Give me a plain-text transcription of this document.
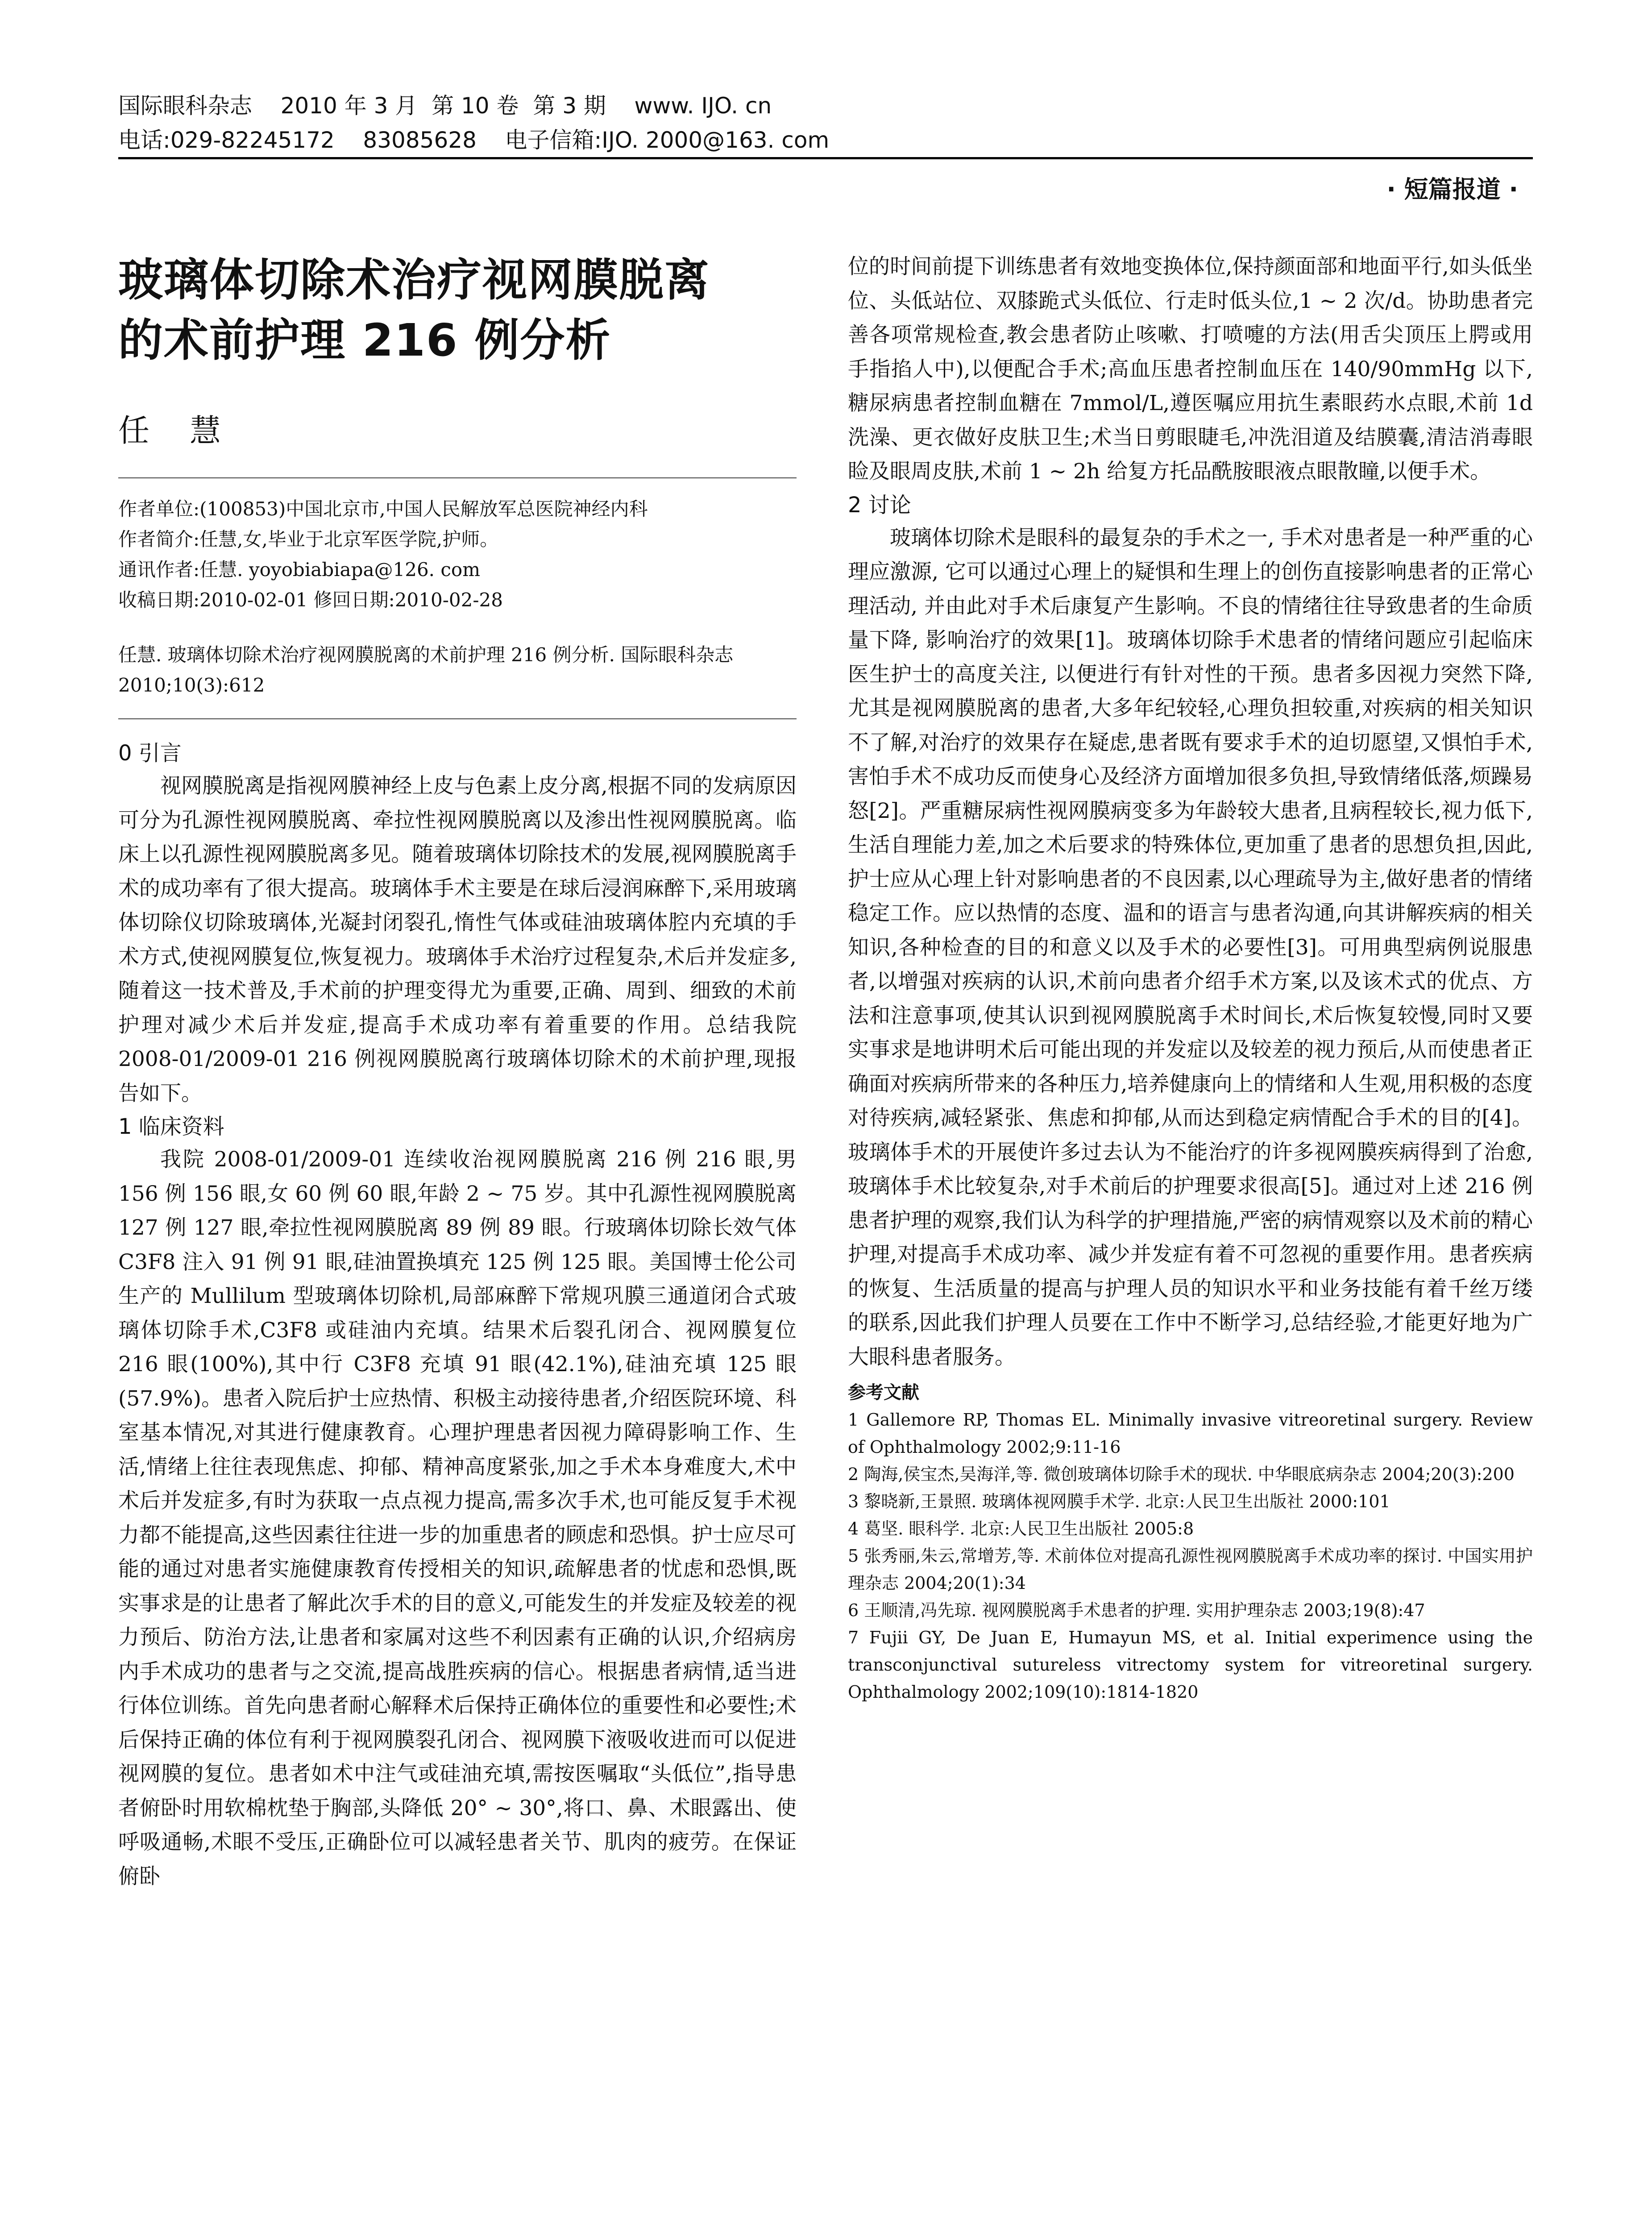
国际眼科杂志    2010 年 3 月  第 10 卷  第 3 期    www. IJO. cn
电话:029-82245172    83085628    电子信箱:IJO. 2000@163. com
· 短篇报道 ·
玻璃体切除术治疗视网膜脱离
的术前护理 216 例分析

任慧

作者单位:(100853)中国北京市,中国人民解放军总医院神经内科

作者简介:任慧,女,毕业于北京军医学院,护师。

通讯作者:任慧. yoyobiabiapa@126. com

收稿日期:2010-02-01 修回日期:2010-02-28

任慧. 玻璃体切除术治疗视网膜脱离的术前护理 216 例分析. 国际眼科杂志 2010;10(3):612

0 引言

视网膜脱离是指视网膜神经上皮与色素上皮分离,根据不同的发病原因可分为孔源性视网膜脱离、牵拉性视网膜脱离以及渗出性视网膜脱离。临床上以孔源性视网膜脱离多见。随着玻璃体切除技术的发展,视网膜脱离手术的成功率有了很大提高。玻璃体手术主要是在球后浸润麻醉下,采用玻璃体切除仪切除玻璃体,光凝封闭裂孔,惰性气体或硅油玻璃体腔内充填的手术方式,使视网膜复位,恢复视力。玻璃体手术治疗过程复杂,术后并发症多,随着这一技术普及,手术前的护理变得尤为重要,正确、周到、细致的术前护理对减少术后并发症,提高手术成功率有着重要的作用。总结我院 2008-01/2009-01 216 例视网膜脱离行玻璃体切除术的术前护理,现报告如下。

1 临床资料

我院 2008-01/2009-01 连续收治视网膜脱离 216 例 216 眼,男 156 例 156 眼,女 60 例 60 眼,年龄 2 ~ 75 岁。其中孔源性视网膜脱离 127 例 127 眼,牵拉性视网膜脱离 89 例 89 眼。行玻璃体切除长效气体 C3F8 注入 91 例 91 眼,硅油置换填充 125 例 125 眼。美国博士伦公司生产的 Mullilum 型玻璃体切除机,局部麻醉下常规巩膜三通道闭合式玻璃体切除手术,C3F8 或硅油内充填。结果术后裂孔闭合、视网膜复位 216 眼(100%),其中行 C3F8 充填 91 眼(42.1%),硅油充填 125 眼(57.9%)。患者入院后护士应热情、积极主动接待患者,介绍医院环境、科室基本情况,对其进行健康教育。心理护理患者因视力障碍影响工作、生活,情绪上往往表现焦虑、抑郁、精神高度紧张,加之手术本身难度大,术中术后并发症多,有时为获取一点点视力提高,需多次手术,也可能反复手术视力都不能提高,这些因素往往进一步的加重患者的顾虑和恐惧。护士应尽可能的通过对患者实施健康教育传授相关的知识,疏解患者的忧虑和恐惧,既实事求是的让患者了解此次手术的目的意义,可能发生的并发症及较差的视力预后、防治方法,让患者和家属对这些不利因素有正确的认识,介绍病房内手术成功的患者与之交流,提高战胜疾病的信心。根据患者病情,适当进行体位训练。首先向患者耐心解释术后保持正确体位的重要性和必要性;术后保持正确的体位有利于视网膜裂孔闭合、视网膜下液吸收进而可以促进视网膜的复位。患者如术中注气或硅油充填,需按医嘱取“头低位”,指导患者俯卧时用软棉枕垫于胸部,头降低 20° ~ 30°,将口、鼻、术眼露出、使呼吸通畅,术眼不受压,正确卧位可以减轻患者关节、肌肉的疲劳。在保证俯卧

位的时间前提下训练患者有效地变换体位,保持颜面部和地面平行,如头低坐位、头低站位、双膝跪式头低位、行走时低头位,1 ~ 2 次/d。协助患者完善各项常规检查,教会患者防止咳嗽、打喷嚏的方法(用舌尖顶压上腭或用手指掐人中),以便配合手术;高血压患者控制血压在 140/90mmHg 以下,糖尿病患者控制血糖在 7mmol/L,遵医嘱应用抗生素眼药水点眼,术前 1d 洗澡、更衣做好皮肤卫生;术当日剪眼睫毛,冲洗泪道及结膜囊,清洁消毒眼睑及眼周皮肤,术前 1 ~ 2h 给复方托品酰胺眼液点眼散瞳,以便手术。

2 讨论

玻璃体切除术是眼科的最复杂的手术之一, 手术对患者是一种严重的心理应激源, 它可以通过心理上的疑惧和生理上的创伤直接影响患者的正常心理活动, 并由此对手术后康复产生影响。不良的情绪往往导致患者的生命质量下降, 影响治疗的效果[1]。玻璃体切除手术患者的情绪问题应引起临床医生护士的高度关注, 以便进行有针对性的干预。患者多因视力突然下降,尤其是视网膜脱离的患者,大多年纪较轻,心理负担较重,对疾病的相关知识不了解,对治疗的效果存在疑虑,患者既有要求手术的迫切愿望,又惧怕手术,害怕手术不成功反而使身心及经济方面增加很多负担,导致情绪低落,烦躁易怒[2]。严重糖尿病性视网膜病变多为年龄较大患者,且病程较长,视力低下,生活自理能力差,加之术后要求的特殊体位,更加重了患者的思想负担,因此,护士应从心理上针对影响患者的不良因素,以心理疏导为主,做好患者的情绪稳定工作。应以热情的态度、温和的语言与患者沟通,向其讲解疾病的相关知识,各种检查的目的和意义以及手术的必要性[3]。可用典型病例说服患者,以增强对疾病的认识,术前向患者介绍手术方案,以及该术式的优点、方法和注意事项,使其认识到视网膜脱离手术时间长,术后恢复较慢,同时又要实事求是地讲明术后可能出现的并发症以及较差的视力预后,从而使患者正确面对疾病所带来的各种压力,培养健康向上的情绪和人生观,用积极的态度对待疾病,减轻紧张、焦虑和抑郁,从而达到稳定病情配合手术的目的[4]。玻璃体手术的开展使许多过去认为不能治疗的许多视网膜疾病得到了治愈,玻璃体手术比较复杂,对手术前后的护理要求很高[5]。通过对上述 216 例患者护理的观察,我们认为科学的护理措施,严密的病情观察以及术前的精心护理,对提高手术成功率、减少并发症有着不可忽视的重要作用。患者疾病的恢复、生活质量的提高与护理人员的知识水平和业务技能有着千丝万缕的联系,因此我们护理人员要在工作中不断学习,总结经验,才能更好地为广大眼科患者服务。

参考文献

1 Gallemore RP, Thomas EL. Minimally invasive vitreoretinal surgery. Review of Ophthalmology 2002;9:11-16

2 陶海,侯宝杰,吴海洋,等. 微创玻璃体切除手术的现状. 中华眼底病杂志 2004;20(3):200

3 黎晓新,王景照. 玻璃体视网膜手术学. 北京:人民卫生出版社 2000:101

4 葛坚. 眼科学. 北京:人民卫生出版社 2005:8

5 张秀丽,朱云,常增芳,等. 术前体位对提高孔源性视网膜脱离手术成功率的探讨. 中国实用护理杂志 2004;20(1):34

6 王顺清,冯先琼. 视网膜脱离手术患者的护理. 实用护理杂志 2003;19(8):47

7 Fujii GY, De Juan E, Humayun MS, et al. Initial experimence using the transconjunctival sutureless vitrectomy system for vitreoretinal surgery. Ophthalmology 2002;109(10):1814-1820
